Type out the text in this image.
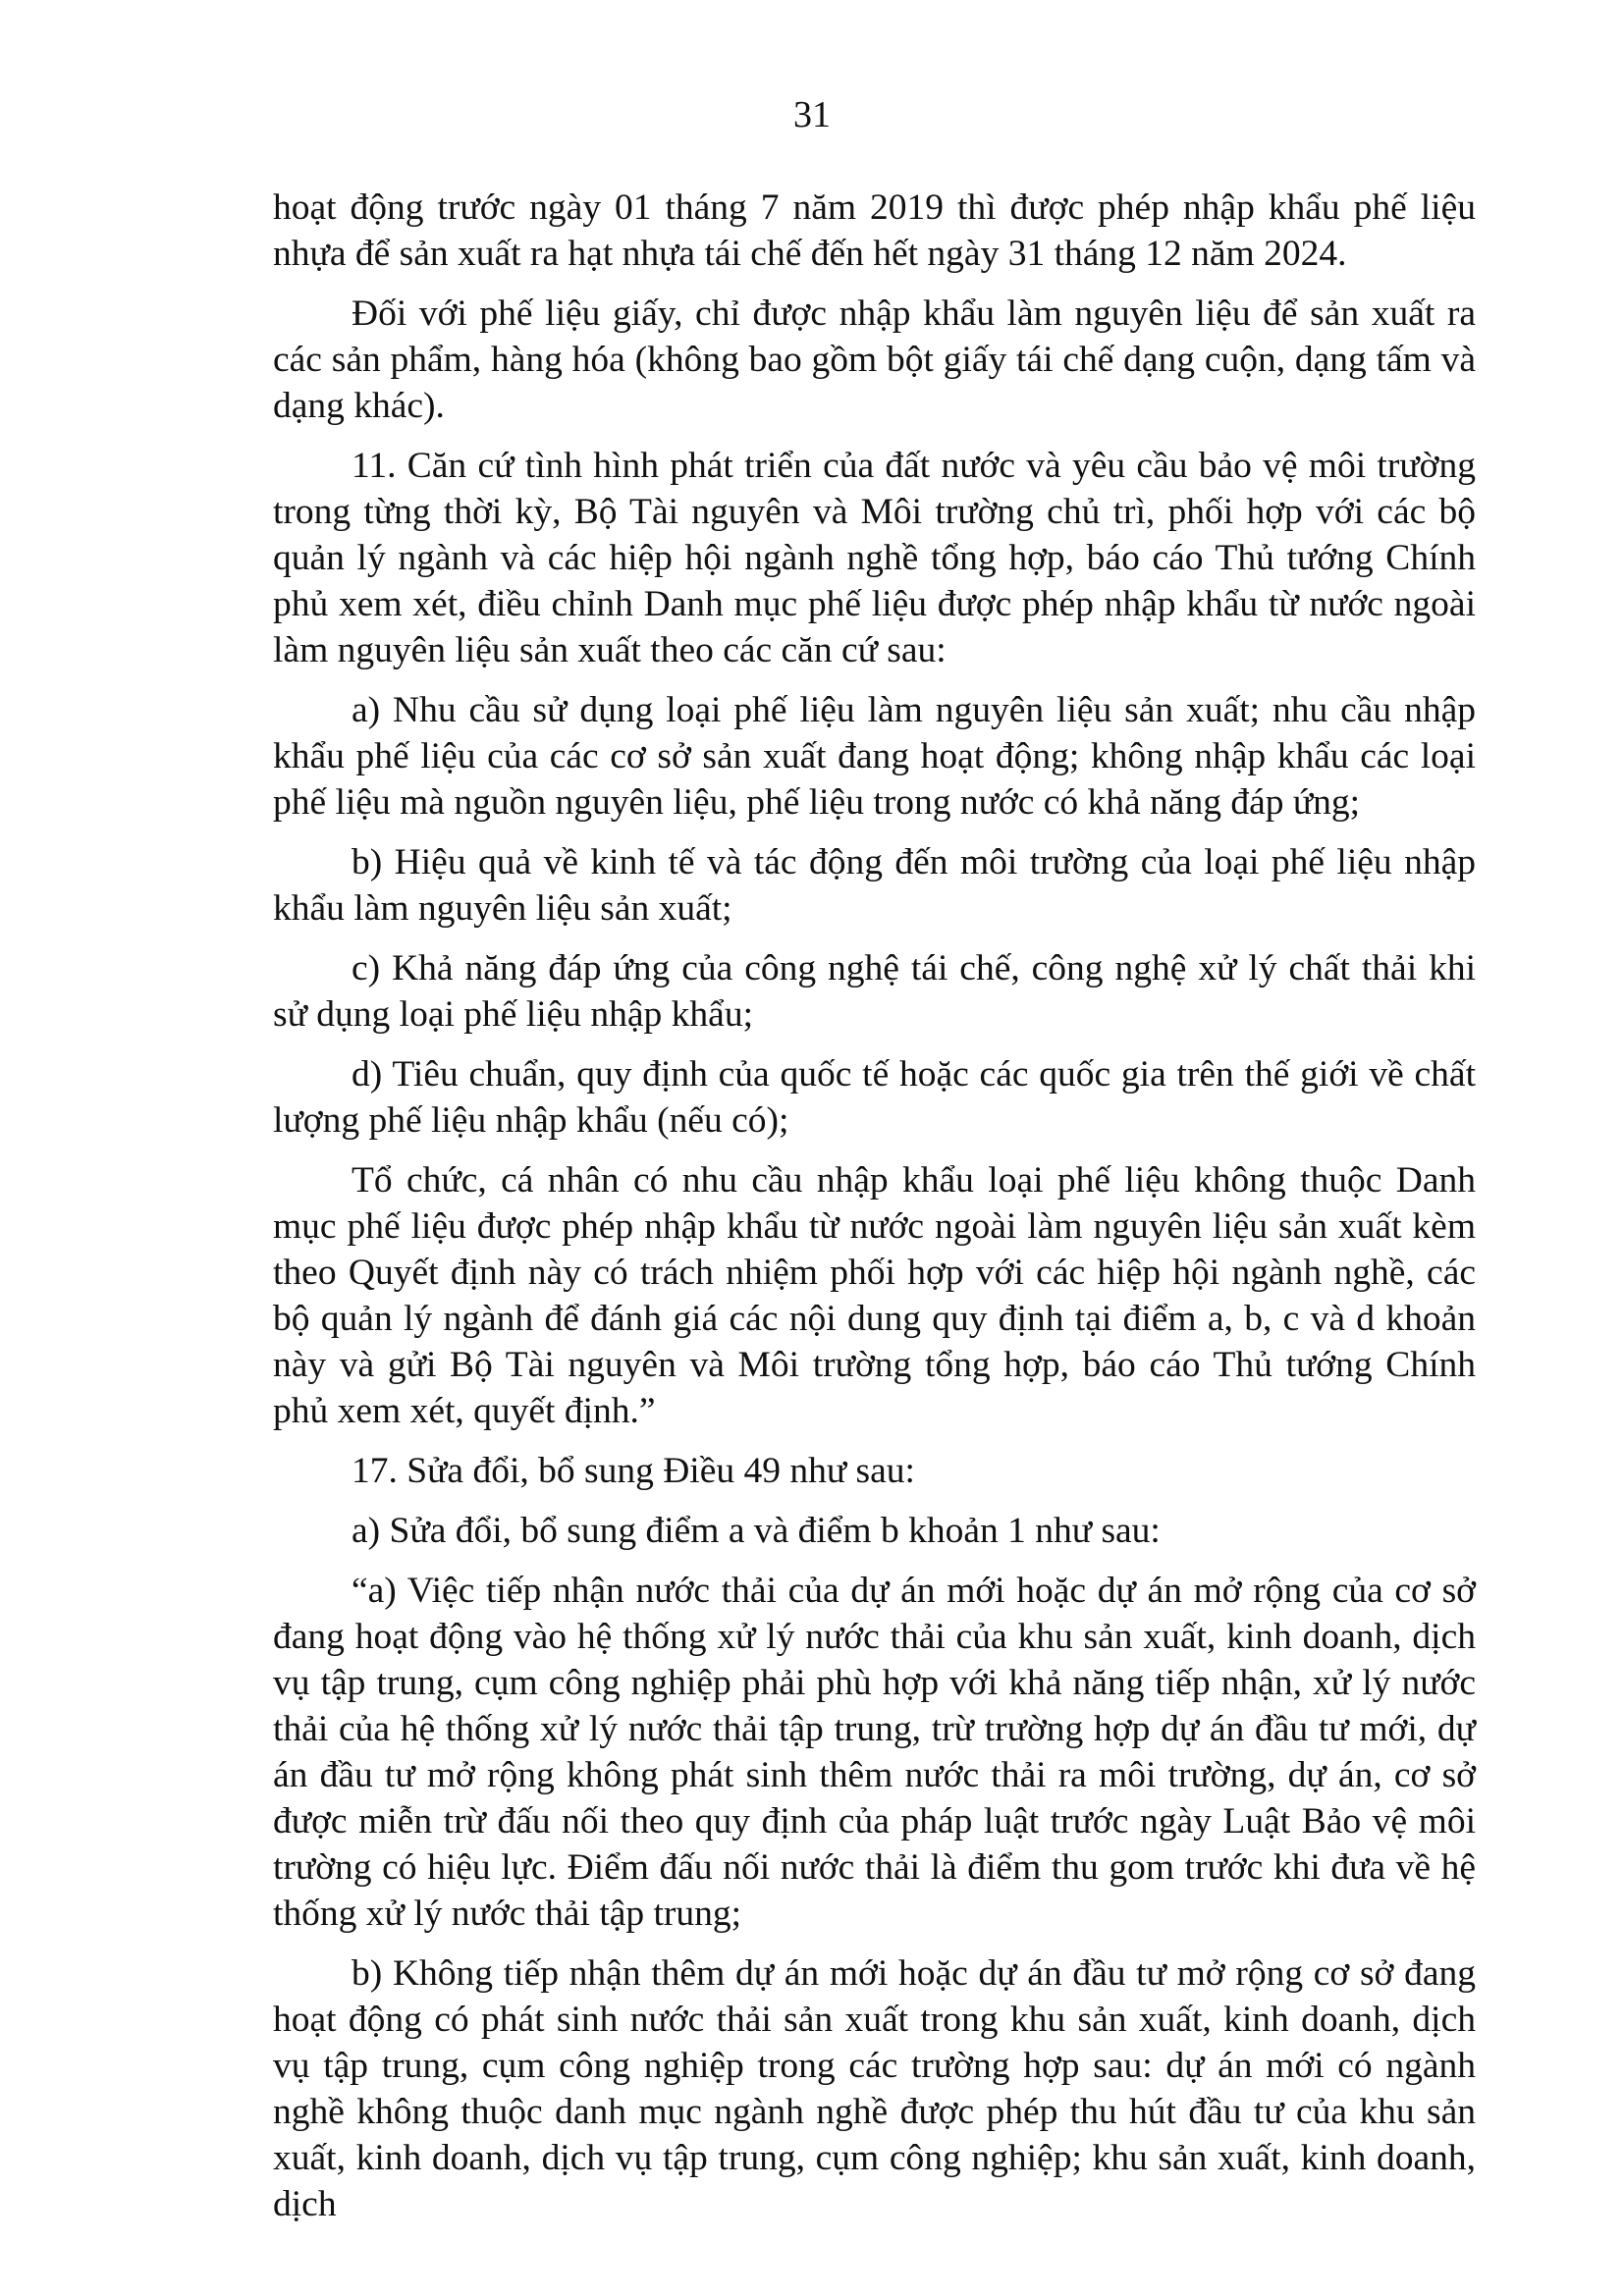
31

hoạt động trước ngày 01 tháng 7 năm 2019 thì được phép nhập khẩu phế liệu nhựa để sản xuất ra hạt nhựa tái chế đến hết ngày 31 tháng 12 năm 2024.

Đối với phế liệu giấy, chỉ được nhập khẩu làm nguyên liệu để sản xuất ra các sản phẩm, hàng hóa (không bao gồm bột giấy tái chế dạng cuộn, dạng tấm và dạng khác).

11. Căn cứ tình hình phát triển của đất nước và yêu cầu bảo vệ môi trường trong từng thời kỳ, Bộ Tài nguyên và Môi trường chủ trì, phối hợp với các bộ quản lý ngành và các hiệp hội ngành nghề tổng hợp, báo cáo Thủ tướng Chính phủ xem xét, điều chỉnh Danh mục phế liệu được phép nhập khẩu từ nước ngoài làm nguyên liệu sản xuất theo các căn cứ sau:

a) Nhu cầu sử dụng loại phế liệu làm nguyên liệu sản xuất; nhu cầu nhập khẩu phế liệu của các cơ sở sản xuất đang hoạt động; không nhập khẩu các loại phế liệu mà nguồn nguyên liệu, phế liệu trong nước có khả năng đáp ứng;

b) Hiệu quả về kinh tế và tác động đến môi trường của loại phế liệu nhập khẩu làm nguyên liệu sản xuất;

c) Khả năng đáp ứng của công nghệ tái chế, công nghệ xử lý chất thải khi sử dụng loại phế liệu nhập khẩu;

d) Tiêu chuẩn, quy định của quốc tế hoặc các quốc gia trên thế giới về chất lượng phế liệu nhập khẩu (nếu có);

Tổ chức, cá nhân có nhu cầu nhập khẩu loại phế liệu không thuộc Danh mục phế liệu được phép nhập khẩu từ nước ngoài làm nguyên liệu sản xuất kèm theo Quyết định này có trách nhiệm phối hợp với các hiệp hội ngành nghề, các bộ quản lý ngành để đánh giá các nội dung quy định tại điểm a, b, c và d khoản này và gửi Bộ Tài nguyên và Môi trường tổng hợp, báo cáo Thủ tướng Chính phủ xem xét, quyết định.”

17. Sửa đổi, bổ sung Điều 49 như sau:

a) Sửa đổi, bổ sung điểm a và điểm b khoản 1 như sau:

“a) Việc tiếp nhận nước thải của dự án mới hoặc dự án mở rộng của cơ sở đang hoạt động vào hệ thống xử lý nước thải của khu sản xuất, kinh doanh, dịch vụ tập trung, cụm công nghiệp phải phù hợp với khả năng tiếp nhận, xử lý nước thải của hệ thống xử lý nước thải tập trung, trừ trường hợp dự án đầu tư mới, dự án đầu tư mở rộng không phát sinh thêm nước thải ra môi trường, dự án, cơ sở được miễn trừ đấu nối theo quy định của pháp luật trước ngày Luật Bảo vệ môi trường có hiệu lực. Điểm đấu nối nước thải là điểm thu gom trước khi đưa về hệ thống xử lý nước thải tập trung;

b) Không tiếp nhận thêm dự án mới hoặc dự án đầu tư mở rộng cơ sở đang hoạt động có phát sinh nước thải sản xuất trong khu sản xuất, kinh doanh, dịch vụ tập trung, cụm công nghiệp trong các trường hợp sau: dự án mới có ngành nghề không thuộc danh mục ngành nghề được phép thu hút đầu tư của khu sản xuất, kinh doanh, dịch vụ tập trung, cụm công nghiệp; khu sản xuất, kinh doanh, dịch
